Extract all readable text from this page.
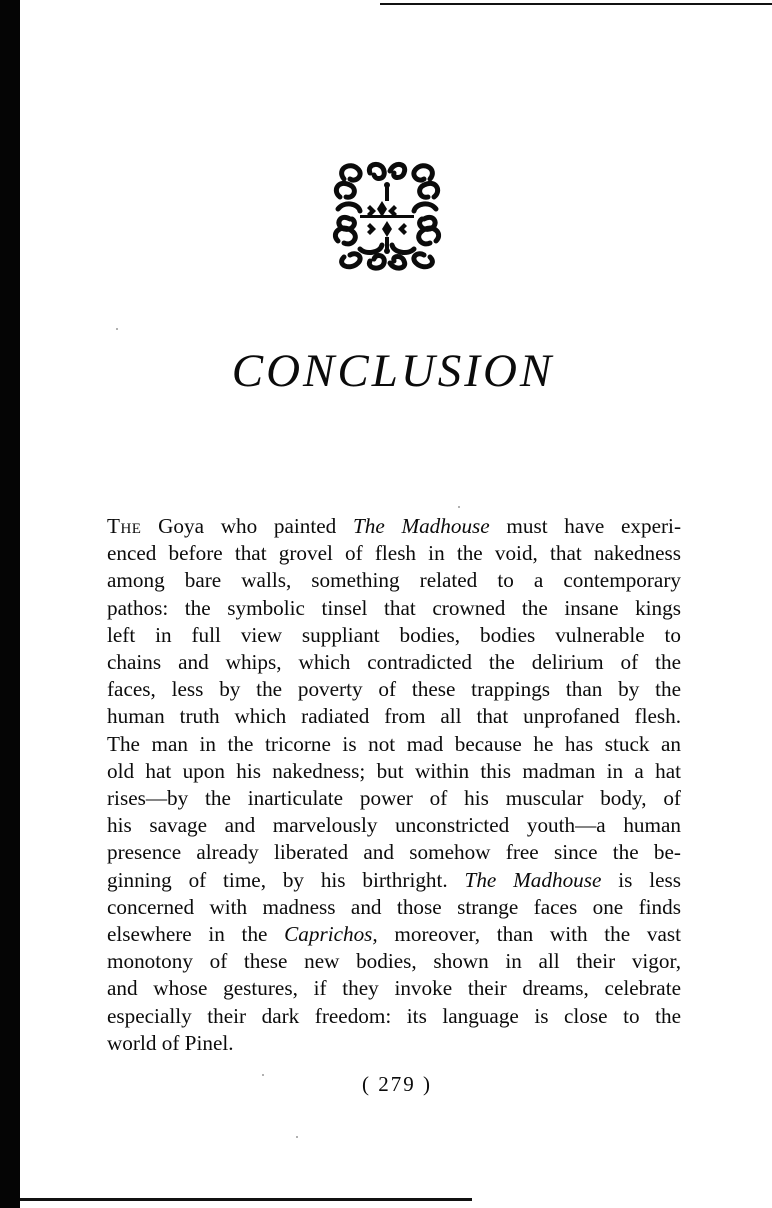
CONCLUSION
The Goya who painted The Madhouse must have experi-
enced before that grovel of flesh in the void, that nakedness
among bare walls, something related to a contemporary
pathos: the symbolic tinsel that crowned the insane kings
left in full view suppliant bodies, bodies vulnerable to
chains and whips, which contradicted the delirium of the
faces, less by the poverty of these trappings than by the
human truth which radiated from all that unprofaned flesh.
The man in the tricorne is not mad because he has stuck an
old hat upon his nakedness; but within this madman in a hat
rises—by the inarticulate power of his muscular body, of
his savage and marvelously unconstricted youth—a human
presence already liberated and somehow free since the be-
ginning of time, by his birthright. The Madhouse is less
concerned with madness and those strange faces one finds
elsewhere in the Caprichos, moreover, than with the vast
monotony of these new bodies, shown in all their vigor,
and whose gestures, if they invoke their dreams, celebrate
especially their dark freedom: its language is close to the
world of Pinel.
( 279 )
